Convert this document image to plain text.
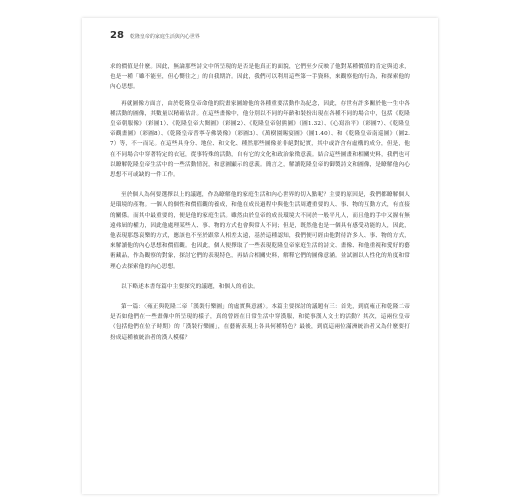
28 乾隆皇帝的家庭生活與內心世界

求的價值是什麼。因此，無論那些詩文中所呈現的是否是他真正的面貌，它們至少反映了他對某種價值的肯定與追求，也是一種「雖不能至，但心嚮往之」的自我期許。因此，我們可以利用這些第一手資料，來觀察他的行為，和探索他的內心思想。

再就圖像方面言，由於乾隆皇帝命他的院畫家圖繪他的各種重要活動作為紀念，因此，存世有許多關於他一生中各種活動的圖像，其數量以精確估計。在這些畫像中，他分別以不同的年齡和裝扮出現在各種不同的場合中，包括《乾隆皇帝朝服像》（彩圖1）、《乾隆皇帝大閱圖》（彩圖2）、《乾隆皇帝射熊圖》（圖1.32）、《心寫治平》（彩圖7）、《乾隆皇帝觀畫圖》（彩圖8）、《乾隆皇帝普寧寺佛裝像》（彩圖3）、《萬樹園賜宴圖》（圖1.40）、和《乾隆皇帝南巡圖》（圖2.7）等，不一而足。在這些具身分、地位、和文化、種然那些圖像並非絕對紀實，其中或許含有虛構的成分，但是，他在不同場合中穿著特定的衣冠，從事特殊的活動，自有它的文化和政治象徵意義。結合這些圖畫和相關史料，我們也可以瞭解乾隆皇帝生活中的一些活動情況，和意圖顯示的意義。簡言之，解讀乾隆皇帝的御製詩文和圖像，是瞭解他內心思想不可或缺的一件工作。

至於個人為何要選擇以上的議題，作為瞭解他的家庭生活和內心世界的切入點呢？主要的原因是，我們都瞭解個人是環境的產物。一個人的個性和價值觀的養成，和他在成長過程中與他生活周遭重要的人、事、物的互動方式，有直接的關係。而其中最重要的，便是他的家庭生活。雖然由於皇帝的成長環境大不同於一般平凡人，而且他的手中又握有無遠弗屆的權力，因此他處理某些人、事、物的方式也會與常人不同；但是，既然他也是一個具有感受功能的人，因此，他表現那怨哀樂的方式，應該也不至於跟常人相差太遠，基於這種認知，我們便可經由他對待許多人、事、物的方式，來解讀他的內心思想和價值觀。也因此，個人便擇取了一些表現乾隆皇帝家庭生活的詩文、畫像、和他重視和愛好的藝術藏品，作為觀察的對象，探討它們的表現特色，再結合相關史料，解釋它們的圖像意涵。並試圖以人性化的角度和常理心去探索他的內心思想。

以下略述本書每篇中主要探究的議題，和個人的看法。

第一篇：〈雍正與乾隆二帝「漢裝行樂圖」的虛實與意涵〉。本篇主要探討的議題有三：首先，到底雍正和乾隆二帝是否如他們在一些畫像中所呈現的樣子，真的曾經在日常生活中穿漢服，和從事漢人文士的活動？其次，這兩位皇帝（包括他們在位子時期）的「漢裝行樂圖」，在藝術表現上各具何種特色？最後，到底這兩位滿洲統治者又為什麼要打扮成這種被統治者的漢人模樣？
